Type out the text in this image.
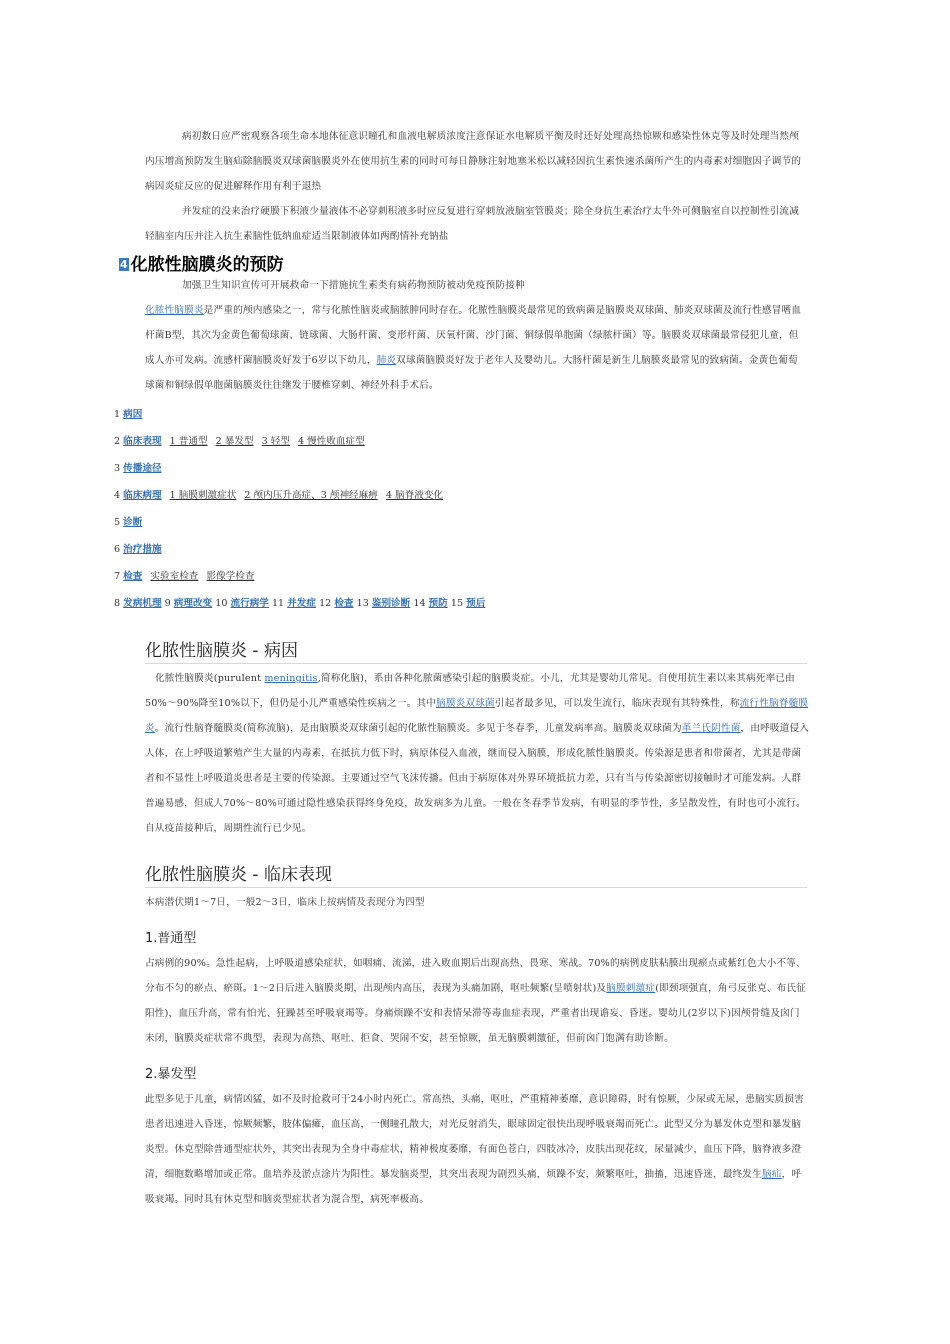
病初数日应严密观察各项生命本地体征意识瞳孔和血液电解质浓度注意保证水电解质平衡及时还好处理高热惊厥和感染性休克等及时处理当然颅内压增高预防发生脑疝除脑膜炎双球菌脑膜炎外在使用抗生素的同时可每日静脉注射地塞米松以减轻因抗生素快速杀菌所产生的内毒素对细胞因子调节的病因炎症反应的促进解释作用有利于退热
并发症的没来治疗硬膜下积液少量液体不必穿刺积液多时应反复进行穿刺放液脑室管膜炎；除全身抗生素治疗太牛外可侧脑室自以控制性引流减轻脑室内压并注入抗生素脑性低纳血症适当限制液体如两酌情补充钠盐
4 化脓性脑膜炎的预防
加强卫生知识宣传可开展救命一下措施抗生素类有病药物预防被动免疫预防接种
化脓性脑膜炎是严重的颅内感染之一，常与化脓性脑炎或脑脓肿同时存在。化脓性脑膜炎最常见的致病菌是脑膜炎双球菌、肺炎双球菌及流行性感冒嗜血杆菌B型，其次为金黄色葡萄球菌、链球菌、大肠杆菌、变形杆菌、厌氧杆菌、沙门菌、铜绿假单胞菌（绿脓杆菌）等。脑膜炎双球菌最常侵犯儿童，但成人亦可发病。流感杆菌脑膜炎好发于6岁以下幼儿，肺炎双球菌脑膜炎好发于老年人及婴幼儿。大肠杆菌是新生儿脑膜炎最常见的致病菌。金黄色葡萄球菌和铜绿假单胞菌脑膜炎往往继发于腰椎穿刺、神经外科手术后。
1 病因
2 临床表现 1 普通型 2 暴发型 3 轻型 4 慢性败血症型
3 传播途径
4 临床病理 1 脑膜刺激症状 2 颅内压升高症、3 颅神经麻痹 4 脑脊液变化
5 诊断
6 治疗措施
7 检查 实验室检查 影像学检查
8 发病机理 9 病理改变 10 流行病学 11 并发症 12 检查 13 鉴别诊断 14 预防 15 预后
化脓性脑膜炎 - 病因
化脓性脑膜炎(purulent meningitis,简称化脑)，系由各种化脓菌感染引起的脑膜炎症。小儿，尤其是婴幼儿常见。自使用抗生素以来其病死率已由50%～90%降至10%以下，但仍是小儿严重感染性疾病之一。其中脑膜炎双球菌引起者最多见，可以发生流行，临床表现有其特殊性，称流行性脑脊髓膜炎。流行性脑脊髓膜炎(简称流脑)，是由脑膜炎双球菌引起的化脓性脑膜炎。多见于冬春季，儿童发病率高。脑膜炎双球菌为革兰氏阴性菌，由呼吸道侵入人体，在上呼吸道繁殖产生大量的内毒素，在抵抗力低下时，病原体侵入血液，继而侵入脑膜，形成化脓性脑膜炎。传染源是患者和带菌者，尤其是带菌者和不显性上呼吸道炎患者是主要的传染源。主要通过空气飞沫传播。但由于病原体对外界环境抵抗力差，只有当与传染源密切接触时才可能发病。人群普遍易感，但成人70%～80%可通过隐性感染获得终身免疫，故发病多为儿童。一般在冬春季节发病，有明显的季节性，多呈散发性，有时也可小流行。自从疫苗接种后，周期性流行已少见。
化脓性脑膜炎 - 临床表现
本病潜伏期1～7日，一般2～3日，临床上按病情及表现分为四型
1.普通型
占病例的90%。急性起病，上呼吸道感染症状，如咽痛、流涕，进入败血期后出现高热、畏寒、寒战。70%的病例皮肤粘膜出现瘀点或紫红色大小不等、分布不匀的瘀点、瘀斑。1～2日后进入脑膜炎期，出现颅内高压，表现为头痛加剧，呕吐频繁(呈喷射状)及脑膜刺激症(即颈项强直，角弓反张克、布氏征阳性)，血压升高，常有怕光、狂躁甚至呼吸衰竭等。身痛烦躁不安和表情呆滞等毒血症表现，严重者出现谵妄、昏迷。婴幼儿(2岁以下)因颅骨缝及囟门未闭，脑膜炎症状常不典型，表现为高热、呕吐、拒食、哭闹不安，甚至惊厥，虽无脑膜刺激征，但前囟门饱满有助诊断。
2.暴发型
此型多见于儿童，病情凶猛，如不及时抢救可于24小时内死亡。常高热，头痛，呕吐，严重精神萎靡，意识障碍，时有惊厥，少尿或无尿，患脑实质损害患者迅速进入昏迷，惊厥频繁，肢体偏瘫，血压高，一侧瞳孔散大，对光反射消失，眼球固定很快出现呼吸衰竭而死亡。此型又分为暴发休克型和暴发脑炎型。休克型除普通型症状外，其突出表现为全身中毒症状，精神极度萎靡，有面色苍白，四肢冰冷，皮肤出现花纹，尿量减少，血压下降，脑脊液多澄清，细胞数略增加或正常。血培养及淤点涂片为阳性。暴发脑炎型，其突出表现为剧烈头痛，烦躁不安，频繁呕吐，抽搐，迅速昏迷，最终发生脑疝，呼吸衰竭。同时具有休克型和脑炎型症状者为混合型，病死率极高。
